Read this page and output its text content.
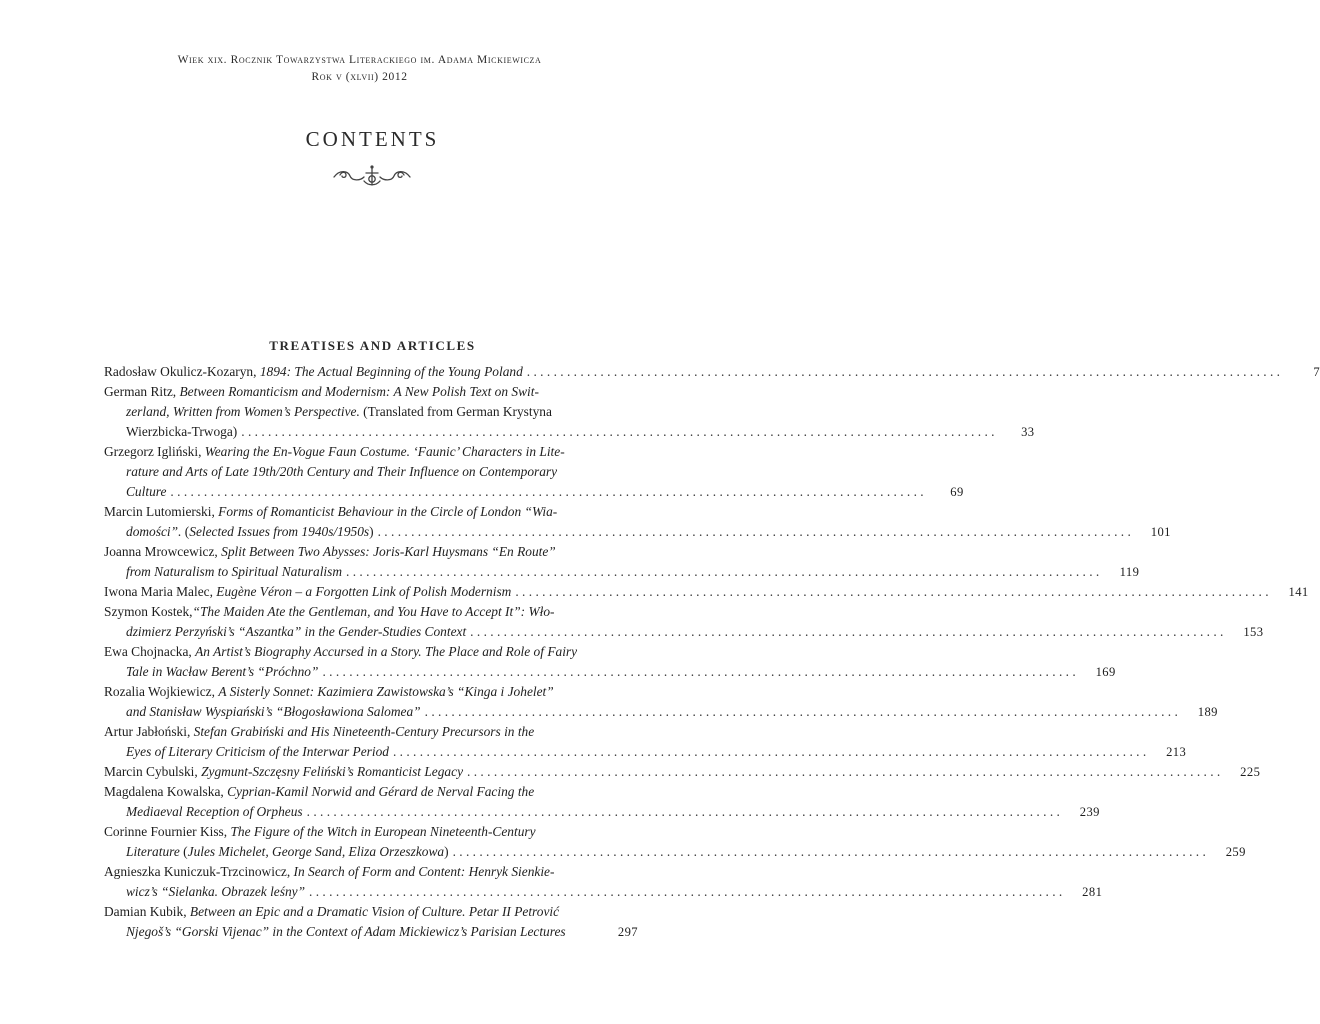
Wiek xix. Rocznik Towarzystwa Literackiego im. Adama Mickiewicza
Rok v (xlvii) 2012
CONTENTS
TREATISES AND ARTICLES
Radosław Okulicz-Kozaryn, 1894: The Actual Beginning of the Young Poland . . .	7
German Ritz, Between Romanticism and Modernism: A New Polish Text on Swit-
zerland, Written from Women’s Perspective. (Translated from German Krystyna
Wierzbicka-Trwoga) . . .	33
Grzegorz Igliński, Wearing the En-Vogue Faun Costume. ‘Faunic’ Characters in Lite-
rature and Arts of Late 19th/20th Century and Their Influence on Contemporary
Culture . . .	69
Marcin Lutomierski, Forms of Romanticist Behaviour in the Circle of London “Wia-
domości”. (Selected Issues from 1940s/1950s) . . .	101
Joanna Mrowcewicz, Split Between Two Abysses: Joris-Karl Huysmans “En Route”
from Naturalism to Spiritual Naturalism . . .	119
Iwona Maria Malec, Eugène Véron – a Forgotten Link of Polish Modernism . . .	141
Szymon Kostek,“The Maiden Ate the Gentleman, and You Have to Accept It”: Wło-
dzimierz Perzyński’s “Aszantka” in the Gender-Studies Context . . .	153
Ewa Chojnacka, An Artist’s Biography Accursed in a Story. The Place and Role of Fairy
Tale in Wacław Berent’s “Próchno” . . .	169
Rozalia Wojkiewicz, A Sisterly Sonnet: Kazimiera Zawistowska’s “Kinga i Johelet”
and Stanisław Wyspiański’s “Błogosławiona Salomea” . . .	189
Artur Jabłoński, Stefan Grabiński and His Nineteenth-Century Precursors in the
Eyes of Literary Criticism of the Interwar Period . . .	213
Marcin Cybulski, Zygmunt-Szczęsny Feliński’s Romanticist Legacy . . .	225
Magdalena Kowalska, Cyprian-Kamil Norwid and Gérard de Nerval Facing the
Mediaeval Reception of Orpheus . . .	239
Corinne Fournier Kiss, The Figure of the Witch in European Nineteenth-Century
Literature (Jules Michelet, George Sand, Eliza Orzeszkowa) . . .	259
Agnieszka Kuniczuk-Trzcinowicz, In Search of Form and Content: Henryk Sienkie-
wicz’s “Sielanka. Obrazek leśny” . . .	281
Damian Kubik, Between an Epic and a Dramatic Vision of Culture. Petar II Petrović
Njegoš’s “Gorski Vijenac” in the Context of Adam Mickiewicz’s Parisian Lectures	297
